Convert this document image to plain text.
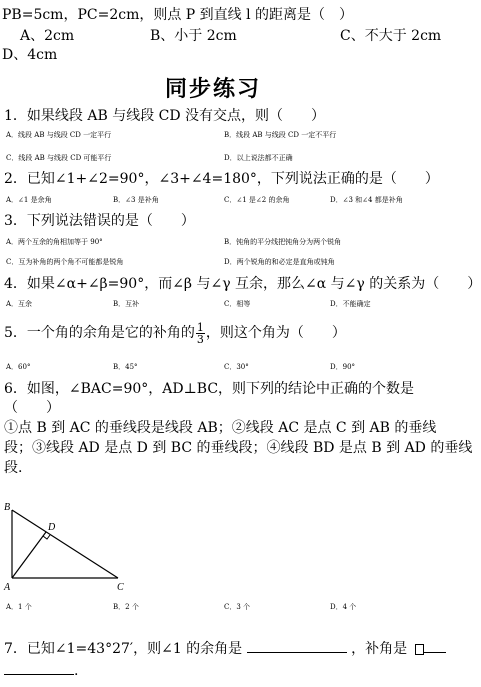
PB=5cm，PC=2cm，则点 P 到直线 l 的距离是（　）
A、2cm	B、小于 2cm	C、不大于 2cm
D、4cm
同步练习
1．如果线段 AB 与线段 CD 没有交点，则（　　）
A．线段 AB 与线段 CD 一定平行	B．线段 AB 与线段 CD 一定不平行
C．线段 AB 与线段 CD 可能平行	D．以上说法都不正确
2．已知∠1+∠2=90°，∠3+∠4=180°，下列说法正确的是（　　）
A．∠1 是余角	B．∠3 是补角	C．∠1 是∠2 的余角	D．∠3 和∠4 都是补角
3．下列说法错误的是（　　）
A．两个互余的角相加等于 90°	B．钝角的平分线把钝角分为两个锐角
C．互为补角的两个角不可能都是锐角	D．两个锐角的和必定是直角或钝角
4．如果∠α+∠β=90°，而∠β 与∠γ 互余，那么∠α 与∠γ 的关系为（　　）
A．互余	B．互补	C．相等	D．不能确定
5．一个角的余角是它的补角的 $\frac{1}{3}$ ，则这个角为（　　）
A．60°	B．45°	C．30°	D．90°
6．如图，∠BAC=90°，AD⊥BC，则下列的结论中正确的个数是
（　　）
①点 B 到 AC 的垂线段是线段 AB；②线段 AC 是点 C 到 AB 的垂线
段；③线段 AD 是点 D 到 BC 的垂线段；④线段 BD 是点 B 到 AD 的垂线
段.
B
D
A	C
A．1 个	B．2 个	C．3 个	D．4 个
7．已知∠1=43°27′，则∠1 的余角是	，补角是
.
